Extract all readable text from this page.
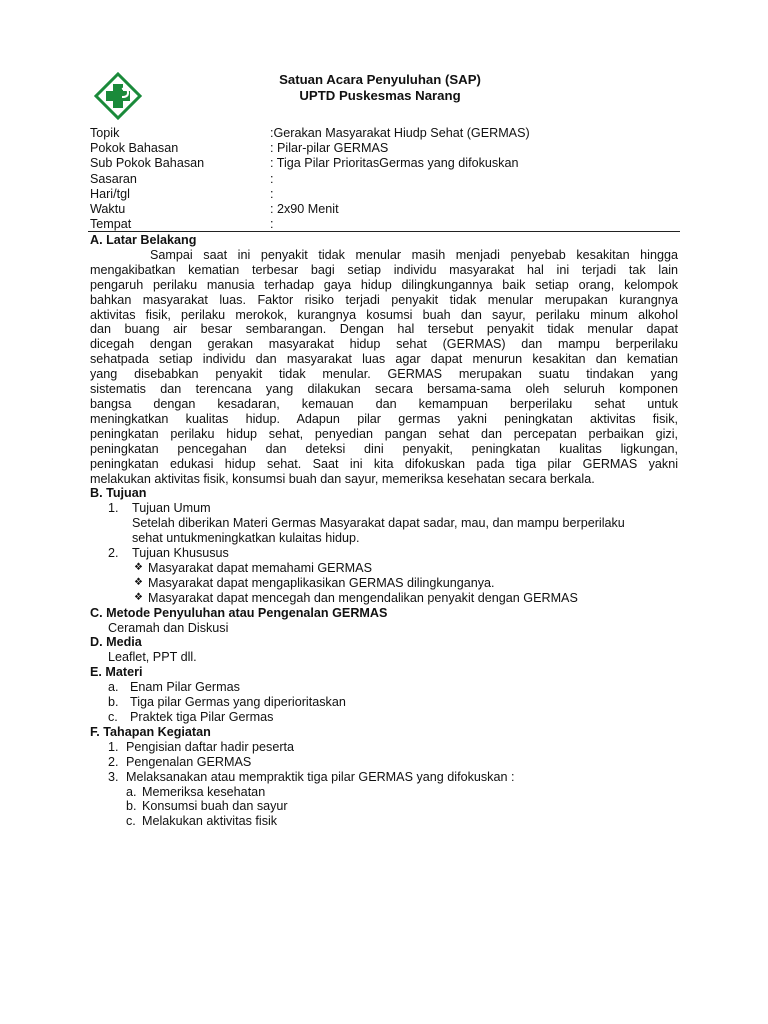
Satuan Acara Penyuluhan (SAP)
UPTD Puskesmas Narang
Topik	:Gerakan Masyarakat Hiudp Sehat (GERMAS)
Pokok Bahasan	: Pilar-pilar GERMAS
Sub Pokok Bahasan	: Tiga Pilar PrioritasGermas yang difokuskan
Sasaran	:
Hari/tgl	:
Waktu	: 2x90 Menit
Tempat	:
A. Latar Belakang
Sampai saat ini penyakit tidak menular masih menjadi penyebab kesakitan hingga
mengakibatkan kematian terbesar bagi setiap individu masyarakat hal ini terjadi tak lain
pengaruh perilaku manusia terhadap gaya hidup dilingkungannya baik setiap orang, kelompok
bahkan masyarakat luas. Faktor risiko terjadi penyakit tidak menular merupakan kurangnya
aktivitas fisik, perilaku merokok, kurangnya kosumsi buah dan sayur, perilaku minum alkohol
dan buang air besar sembarangan. Dengan hal tersebut penyakit tidak menular dapat
dicegah dengan gerakan masyarakat hidup sehat (GERMAS) dan mampu berperilaku
sehatpada setiap individu dan masyarakat luas agar dapat menurun kesakitan dan kematian
yang disebabkan penyakit tidak menular. GERMAS merupakan suatu tindakan yang
sistematis dan terencana yang dilakukan secara bersama-sama oleh seluruh komponen
bangsa dengan kesadaran, kemauan dan kemampuan berperilaku sehat untuk
meningkatkan kualitas hidup. Adapun pilar germas yakni peningkatan aktivitas fisik,
peningkatan perilaku hidup sehat, penyedian pangan sehat dan percepatan perbaikan gizi,
peningkatan pencegahan dan deteksi dini penyakit, peningkatan kualitas ligkungan,
peningkatan edukasi hidup sehat. Saat ini kita difokuskan pada tiga pilar GERMAS yakni
melakukan aktivitas fisik, konsumsi buah dan sayur, memeriksa kesehatan secara berkala.
B. Tujuan
1.	Tujuan Umum
Setelah diberikan Materi Germas Masyarakat dapat sadar, mau, dan mampu berperilaku
sehat untukmeningkatkan kulaitas hidup.
2.	Tujuan Khususus
❖ Masyarakat dapat memahami GERMAS
❖ Masyarakat dapat mengaplikasikan GERMAS dilingkunganya.
❖ Masyarakat dapat mencegah dan mengendalikan penyakit dengan GERMAS
C. Metode Penyuluhan atau Pengenalan GERMAS
Ceramah dan Diskusi
D. Media
Leaflet, PPT dll.
E. Materi
a. Enam Pilar Germas
b. Tiga pilar Germas yang diperioritaskan
c. Praktek tiga Pilar Germas
F. Tahapan Kegiatan
1. Pengisian daftar hadir peserta
2. Pengenalan GERMAS
3. Melaksanakan atau mempraktik tiga pilar GERMAS yang difokuskan :
a. Memeriksa kesehatan
b. Konsumsi buah dan sayur
c. Melakukan aktivitas fisik
